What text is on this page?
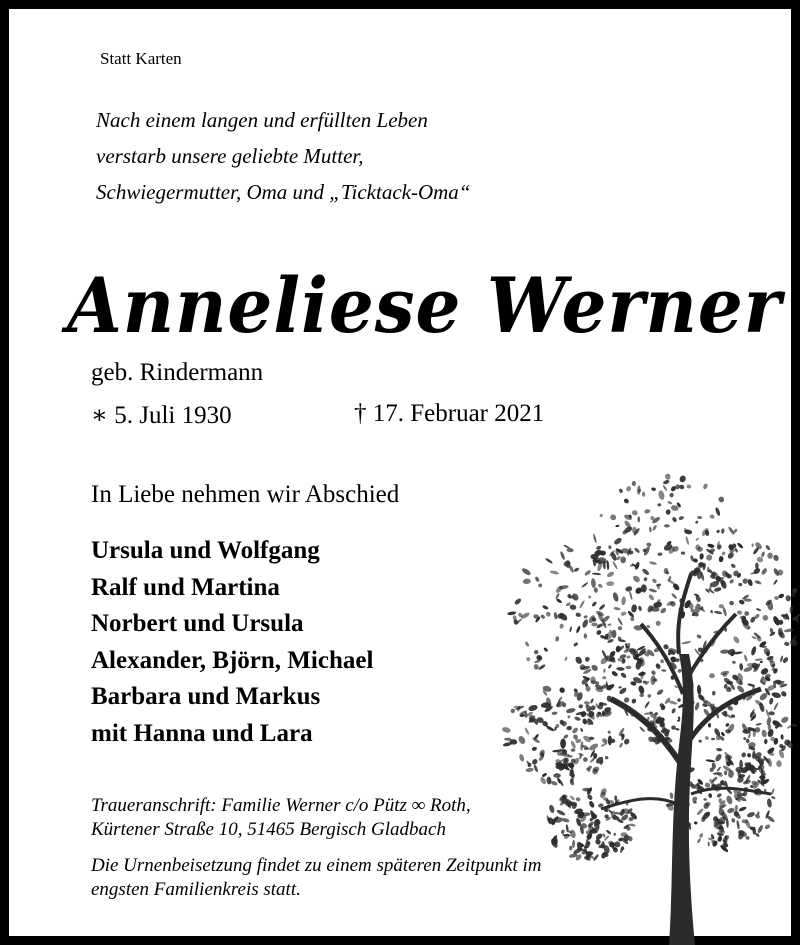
Statt Karten
Nach einem langen und erfüllten Leben
verstarb unsere geliebte Mutter,
Schwiegermutter, Oma und „Ticktack-Oma“
Anneliese Werner
geb. Rindermann
∗ 5. Juli 1930	† 17. Februar 2021
In Liebe nehmen wir Abschied
Ursula und Wolfgang
Ralf und Martina
Norbert und Ursula
Alexander, Björn, Michael
Barbara und Markus
mit Hanna und Lara
Traueranschrift: Familie Werner c/o Pütz ∞ Roth,
Kürtener Straße 10, 51465 Bergisch Gladbach
Die Urnenbeisetzung findet zu einem späteren Zeitpunkt im
engsten Familienkreis statt.
